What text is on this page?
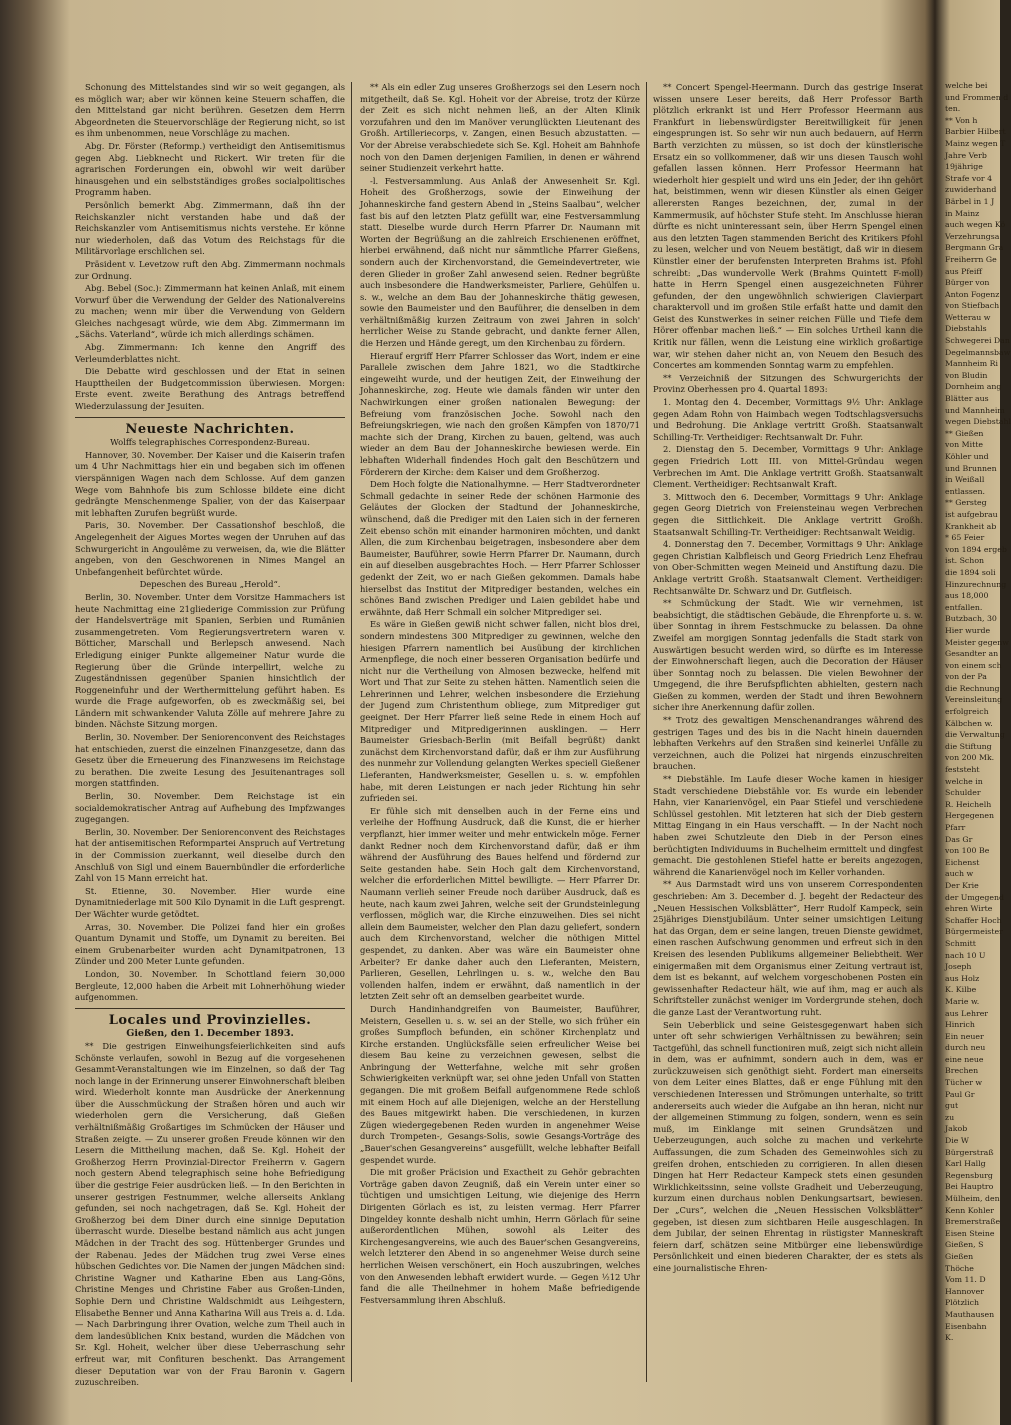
Schonung des Mittelstandes sind wir so weit gegangen, als es möglich war; aber wir können keine Steuern schaffen, die den Mittelstand gar nicht berühren. Gesetzen dem Herrn Abgeordneten die Steuervorschläge der Regierung nicht, so ist es ihm unbenommen, neue Vorschläge zu machen.

Abg. Dr. Förster (Reformp.) vertheidigt den Antisemitismus gegen Abg. Liebknecht und Rickert. Wir treten für die agrarischen Forderungen ein, obwohl wir weit darüber hinausgehen und ein selbstständiges großes socialpolitisches Programm haben.

Persönlich bemerkt Abg. Zimmermann, daß ihn der Reichskanzler nicht verstanden habe und daß der Reichskanzler vom Antisemitismus nichts verstehe. Er könne nur wiederholen, daß das Votum des Reichstags für die Militärvorlage erschlichen sei.

Präsident v. Levetzow ruft den Abg. Zimmermann nochmals zur Ordnung.

Abg. Bebel (Soc.): Zimmermann hat keinen Anlaß, mit einem Vorwurf über die Verwendung der Gelder des Nationalvereins zu machen; wenn mir über die Verwendung von Geldern Gleiches nachgesagt würde, wie dem Abg. Zimmermann im „Sächs. Vaterland“, würde ich mich allerdings schämen.

Abg. Zimmermann: Ich kenne den Angriff des Verleumderblattes nicht.

Die Debatte wird geschlossen und der Etat in seinen Haupttheilen der Budgetcommission überwiesen. Morgen: Erste event. zweite Berathung des Antrags betreffend Wiederzulassung der Jesuiten.

Neueste Nachrichten.

Wolffs telegraphisches Correspondenz-Bureau.

Hannover, 30. November. Der Kaiser und die Kaiserin trafen um 4 Uhr Nachmittags hier ein und begaben sich im offenen vierspännigen Wagen nach dem Schlosse. Auf dem ganzen Wege vom Bahnhofe bis zum Schlosse bildete eine dicht gedrängte Menschenmenge Spalier, von der das Kaiserpaar mit lebhaften Zurufen begrüßt wurde.

Paris, 30. November. Der Cassationshof beschloß, die Angelegenheit der Aigues Mortes wegen der Unruhen auf das Schwurgericht in Angoulême zu verweisen, da, wie die Blätter angeben, von den Geschworenen in Nimes Mangel an Unbefangenheit befürchtet würde.

Depeschen des Bureau „Herold“.

Berlin, 30. November. Unter dem Vorsitze Hammachers ist heute Nachmittag eine 21gliederige Commission zur Prüfung der Handelsverträge mit Spanien, Serbien und Rumänien zusammengetreten. Vom Regierungsvertretern waren v. Bötticher, Marschall und Berlepsch anwesend. Nach Erledigung einiger Punkte allgemeiner Natur wurde die Regierung über die Gründe interpellirt, welche zu Zugeständnissen gegenüber Spanien hinsichtlich der Roggeneinfuhr und der Werthermittelung geführt haben. Es wurde die Frage aufgeworfen, ob es zweckmäßig sei, bei Ländern mit schwankender Valuta Zölle auf mehrere Jahre zu binden. Nächste Sitzung morgen.

Berlin, 30. November. Der Seniorenconvent des Reichstages hat entschieden, zuerst die einzelnen Finanzgesetze, dann das Gesetz über die Erneuerung des Finanzwesens im Reichstage zu berathen. Die zweite Lesung des Jesuitenantrages soll morgen stattfinden.

Berlin, 30. November. Dem Reichstage ist ein socialdemokratischer Antrag auf Aufhebung des Impfzwanges zugegangen.

Berlin, 30. November. Der Seniorenconvent des Reichstages hat der antisemitischen Reformpartei Anspruch auf Vertretung in der Commission zuerkannt, weil dieselbe durch den Anschluß von Sigl und einem Bauernbündler die erforderliche Zahl von 15 Mann erreicht hat.

St. Etienne, 30. November. Hier wurde eine Dynamitniederlage mit 500 Kilo Dynamit in die Luft gesprengt. Der Wächter wurde getödtet.

Arras, 30. November. Die Polizei fand hier ein großes Quantum Dynamit und Stoffe, um Dynamit zu bereiten. Bei einem Grubenarbeiter wurden acht Dynamitpatronen, 13 Zünder und 200 Meter Lunte gefunden.

London, 30. November. In Schottland feiern 30,000 Bergleute, 12,000 haben die Arbeit mit Lohnerhöhung wieder aufgenommen.

Locales und Provinzielles.

Gießen, den 1. December 1893.

** Die gestrigen Einweihungsfeierlichkeiten sind aufs Schönste verlaufen, sowohl in Bezug auf die vorgesehenen Gesammt-Veranstaltungen wie im Einzelnen, so daß der Tag noch lange in der Erinnerung unserer Einwohnerschaft bleiben wird. Wiederholt konnte man Ausdrücke der Anerkennung über die Ausschmückung der Straßen hören und auch wir wiederholen gern die Versicherung, daß Gießen verhältnißmäßig Großartiges im Schmücken der Häuser und Straßen zeigte. — Zu unserer großen Freude können wir den Lesern die Mittheilung machen, daß Se. Kgl. Hoheit der Großherzog Herrn Provinzial-Director Freiherrn v. Gagern noch gestern Abend telegraphisch seine hohe Befriedigung über die gestrige Feier ausdrücken ließ. — In den Berichten in unserer gestrigen Festnummer, welche allerseits Anklang gefunden, sei noch nachgetragen, daß Se. Kgl. Hoheit der Großherzog bei dem Diner durch eine sinnige Deputation überrascht wurde. Dieselbe bestand nämlich aus acht jungen Mädchen in der Tracht des sog. Hüttenberger Grundes und der Rabenau. Jedes der Mädchen trug zwei Verse eines hübschen Gedichtes vor. Die Namen der jungen Mädchen sind: Christine Wagner und Katharine Eben aus Lang-Göns, Christine Menges und Christine Faber aus Großen-Linden, Sophie Dern und Christine Waldschmidt aus Leihgestern, Elisabethe Benner und Anna Katharina Will aus Treis a. d. Lda. — Nach Darbringung ihrer Ovation, welche zum Theil auch in dem landesüblichen Knix bestand, wurden die Mädchen von Sr. Kgl. Hoheit, welcher über diese Ueberraschung sehr erfreut war, mit Confituren beschenkt. Das Arrangement dieser Deputation war von der Frau Baronin v. Gagern zuzuschreiben.

** Als ein edler Zug unseres Großherzogs sei den Lesern noch mitgetheilt, daß Se. Kgl. Hoheit vor der Abreise, trotz der Kürze der Zeit es sich nicht nehmen ließ, an der Alten Klinik vorzufahren und den im Manöver verunglückten Lieutenant des Großh. Artilleriecorps, v. Zangen, einen Besuch abzustatten. — Vor der Abreise verabschiedete sich Se. Kgl. Hoheit am Bahnhofe noch von den Damen derjenigen Familien, in denen er während seiner Studienzeit verkehrt hatte.

-l. Festversammlung. Aus Anlaß der Anwesenheit Sr. Kgl. Hoheit des Großherzogs, sowie der Einweihung der Johanneskirche fand gestern Abend in „Steins Saalbau“, welcher fast bis auf den letzten Platz gefüllt war, eine Festversammlung statt. Dieselbe wurde durch Herrn Pfarrer Dr. Naumann mit Worten der Begrüßung an die zahlreich Erschienenen eröffnet, hierbei erwähnend, daß nicht nur sämmtliche Pfarrer Gießens, sondern auch der Kirchenvorstand, die Gemeindevertreter, wie deren Glieder in großer Zahl anwesend seien. Redner begrüßte auch insbesondere die Handwerksmeister, Parliere, Gehülfen u. s. w., welche an dem Bau der Johanneskirche thätig gewesen, sowie den Baumeister und den Bauführer, die denselben in dem verhältnißmäßig kurzen Zeitraum von zwei Jahren in solch' herrlicher Weise zu Stande gebracht, und dankte ferner Allen, die Herzen und Hände geregt, um den Kirchenbau zu fördern.

Hierauf ergriff Herr Pfarrer Schlosser das Wort, indem er eine Parallele zwischen dem Jahre 1821, wo die Stadtkirche eingeweiht wurde, und der heutigen Zeit, der Einweihung der Johanneskirche, zog. Heute wie damals fänden wir unter den Nachwirkungen einer großen nationalen Bewegung: der Befreiung vom französischen Joche. Sowohl nach den Befreiungskriegen, wie nach den großen Kämpfen von 1870/71 machte sich der Drang, Kirchen zu bauen, geltend, was auch wieder an dem Bau der Johanneskirche bewiesen werde. Ein lebhaften Widerhall findendes Hoch galt den Beschützern und Förderern der Kirche: dem Kaiser und dem Großherzog.

Dem Hoch folgte die Nationalhymne. — Herr Stadtverordneter Schmall gedachte in seiner Rede der schönen Harmonie des Geläutes der Glocken der Stadtund der Johanneskirche, wünschend, daß die Prediger mit den Laien sich in der ferneren Zeit ebenso schön mit einander harmoniren möchten, und dankt Allen, die zum Kirchenbau beigetragen, insbesondere aber dem Baumeister, Bauführer, sowie Herrn Pfarrer Dr. Naumann, durch ein auf dieselben ausgebrachtes Hoch. — Herr Pfarrer Schlosser gedenkt der Zeit, wo er nach Gießen gekommen. Damals habe hierselbst das Institut der Mitprediger bestanden, welches ein schönes Band zwischen Prediger und Laien gebildet habe und erwähnte, daß Herr Schmall ein solcher Mitprediger sei.

Es wäre in Gießen gewiß nicht schwer fallen, nicht blos drei, sondern mindestens 300 Mitprediger zu gewinnen, welche den hiesigen Pfarrern namentlich bei Ausübung der kirchlichen Armenpflege, die noch einer besseren Organisation bedürfe und nicht nur die Vertheilung von Almosen bezwecke, helfend mit Wort und That zur Seite zu stehen hätten. Namentlich seien die Lehrerinnen und Lehrer, welchen insbesondere die Erziehung der Jugend zum Christenthum obliege, zum Mitprediger gut geeignet. Der Herr Pfarrer ließ seine Rede in einem Hoch auf Mitprediger und Mitpredigerinnen ausklingen. — Herr Baumeister Griesbach-Berlin (mit Beifall begrüßt) dankt zunächst dem Kirchenvorstand dafür, daß er ihm zur Ausführung des nunmehr zur Vollendung gelangten Werkes speciell Gießener Lieferanten, Handwerksmeister, Gesellen u. s. w. empfohlen habe, mit deren Leistungen er nach jeder Richtung hin sehr zufrieden sei.

Er fühle sich mit denselben auch in der Ferne eins und verleihe der Hoffnung Ausdruck, daß die Kunst, die er hierher verpflanzt, hier immer weiter und mehr entwickeln möge. Ferner dankt Redner noch dem Kirchenvorstand dafür, daß er ihm während der Ausführung des Baues helfend und fördernd zur Seite gestanden habe. Sein Hoch galt dem Kirchenvorstand, welcher die erforderlichen Mittel bewilligte. — Herr Pfarrer Dr. Naumann verlieh seiner Freude noch darüber Ausdruck, daß es heute, nach kaum zwei Jahren, welche seit der Grundsteinlegung verflossen, möglich war, die Kirche einzuweihen. Dies sei nicht allein dem Baumeister, welcher den Plan dazu geliefert, sondern auch dem Kirchenvorstand, welcher die nöthigen Mittel gespendet, zu danken. Aber was wäre ein Baumeister ohne Arbeiter? Er danke daher auch den Lieferanten, Meistern, Parlieren, Gesellen, Lehrlingen u. s. w., welche den Bau vollenden halfen, indem er erwähnt, daß namentlich in der letzten Zeit sehr oft an demselben gearbeitet wurde.

Durch Handinhandgreifen von Baumeister, Bauführer, Meistern, Gesellen u. s. w. sei an der Stelle, wo sich früher ein großes Sumpfloch befunden, ein schöner Kirchenplatz und Kirche erstanden. Unglücksfälle seien erfreulicher Weise bei diesem Bau keine zu verzeichnen gewesen, selbst die Anbringung der Wetterfahne, welche mit sehr großen Schwierigkeiten verknüpft war, sei ohne jeden Unfall von Statten gegangen. Die mit großem Beifall aufgenommene Rede schloß mit einem Hoch auf alle Diejenigen, welche an der Herstellung des Baues mitgewirkt haben. Die verschiedenen, in kurzen Zügen wiedergegebenen Reden wurden in angenehmer Weise durch Trompeten-, Gesangs-Solis, sowie Gesangs-Vorträge des „Bauer'schen Gesangvereins“ ausgefüllt, welche lebhafter Beifall gespendet wurde.

Die mit großer Präcision und Exactheit zu Gehör gebrachten Vorträge gaben davon Zeugniß, daß ein Verein unter einer so tüchtigen und umsichtigen Leitung, wie diejenige des Herrn Dirigenten Görlach es ist, zu leisten vermag. Herr Pfarrer Dingeldey konnte deshalb nicht umhin, Herrn Görlach für seine außerordentlichen Mühen, sowohl als Leiter des Kirchengesangvereins, wie auch des Bauer'schen Gesangvereins, welch letzterer den Abend in so angenehmer Weise durch seine herrlichen Weisen verschönert, ein Hoch auszubringen, welches von den Anwesenden lebhaft erwidert wurde. — Gegen ½12 Uhr fand die alle Theilnehmer in hohem Maße befriedigende Festversammlung ihren Abschluß.

** Concert Spengel-Heermann. Durch das gestrige Inserat wissen unsere Leser bereits, daß Herr Professor Barth plötzlich erkrankt ist und Herr Professor Heermann aus Frankfurt in liebenswürdigster Bereitwilligkeit für jenen eingesprungen ist. So sehr wir nun auch bedauern, auf Herrn Barth verzichten zu müssen, so ist doch der künstlerische Ersatz ein so vollkommener, daß wir uns diesen Tausch wohl gefallen lassen können. Herr Professor Heermann hat wiederholt hier gespielt und wird uns ein Jeder, der ihn gehört hat, beistimmen, wenn wir diesen Künstler als einen Geiger allerersten Ranges bezeichnen, der, zumal in der Kammermusik, auf höchster Stufe steht. Im Anschlusse hieran dürfte es nicht uninteressant sein, über Herrn Spengel einen aus den letzten Tagen stammenden Bericht des Kritikers Pfohl zu lesen, welcher und von Neuem bestätigt, daß wir in diesem Künstler einer der berufensten Interpreten Brahms ist. Pfohl schreibt: „Das wundervolle Werk (Brahms Quintett F-moll) hatte in Herrn Spengel einen ausgezeichneten Führer gefunden, der den ungewöhnlich schwierigen Clavierpart charaktervoll und im großen Stile erfaßt hatte und damit den Geist des Kunstwerkes in seiner reichen Fülle und Tiefe dem Hörer offenbar machen ließ.“ — Ein solches Urtheil kann die Kritik nur fällen, wenn die Leistung eine wirklich großartige war, wir stehen daher nicht an, von Neuem den Besuch des Concertes am kommenden Sonntag warm zu empfehlen.

** Verzeichniß der Sitzungen des Schwurgerichts der Provinz Oberhessen pro 4. Quartal 1893:

1. Montag den 4. December, Vormittags 9½ Uhr: Anklage gegen Adam Rohn von Haimbach wegen Todtschlagsversuchs und Bedrohung. Die Anklage vertritt Großh. Staatsanwalt Schilling-Tr. Vertheidiger: Rechtsanwalt Dr. Fuhr.

2. Dienstag den 5. December, Vormittags 9 Uhr: Anklage gegen Friedrich Lott III. von Mittel-Gründau wegen Verbrechen im Amt. Die Anklage vertritt Großh. Staatsanwalt Clement. Vertheidiger: Rechtsanwalt Kraft.

3. Mittwoch den 6. December, Vormittags 9 Uhr: Anklage gegen Georg Dietrich von Freiensteinau wegen Verbrechen gegen die Sittlichkeit. Die Anklage vertritt Großh. Staatsanwalt Schilling-Tr. Vertheidiger: Rechtsanwalt Weidig.

4. Donnerstag den 7. December, Vormittags 9 Uhr: Anklage gegen Christian Kalbfleisch und Georg Friedrich Lenz Ehefrau von Ober-Schmitten wegen Meineid und Anstiftung dazu. Die Anklage vertritt Großh. Staatsanwalt Clement. Vertheidiger: Rechtsanwälte Dr. Schwarz und Dr. Gutfleisch.

** Schmückung der Stadt. Wie wir vernehmen, ist beabsichtigt, die städtischen Gebäude, die Ehrenpforte u. s. w. über Sonntag in ihrem Festschmucke zu belassen. Da ohne Zweifel am morgigen Sonntag jedenfalls die Stadt stark von Auswärtigen besucht werden wird, so dürfte es im Interesse der Einwohnerschaft liegen, auch die Decoration der Häuser über Sonntag noch zu belassen. Die vielen Bewohner der Umgegend, die ihre Berufspflichten abhielten, gestern nach Gießen zu kommen, werden der Stadt und ihren Bewohnern sicher ihre Anerkennung dafür zollen.

** Trotz des gewaltigen Menschenandranges während des gestrigen Tages und des bis in die Nacht hinein dauernden lebhaften Verkehrs auf den Straßen sind keinerlei Unfälle zu verzeichnen, auch die Polizei hat nirgends einzuschreiten brauchen.

** Diebstähle. Im Laufe dieser Woche kamen in hiesiger Stadt verschiedene Diebstähle vor. Es wurde ein lebender Hahn, vier Kanarienvögel, ein Paar Stiefel und verschiedene Schlüssel gestohlen. Mit letzteren hat sich der Dieb gestern Mittag Eingang in ein Haus verschafft. — In der Nacht noch haben zwei Schutzleute den Dieb in der Person eines berüchtigten Individuums in Buchelheim ermittelt und dingfest gemacht. Die gestohlenen Stiefel hatte er bereits angezogen, während die Kanarienvögel noch im Keller vorhanden.

** Aus Darmstadt wird uns von unserem Correspondenten geschrieben: Am 3. December d. J. begeht der Redacteur des „Neuen Hessischen Volksblätter“, Herr Rudolf Kampeck, sein 25jähriges Dienstjubiläum. Unter seiner umsichtigen Leitung hat das Organ, dem er seine langen, treuen Dienste gewidmet, einen raschen Aufschwung genommen und erfreut sich in den Kreisen des lesenden Publikums allgemeiner Beliebtheit. Wer einigermaßen mit dem Organismus einer Zeitung vertraut ist, dem ist es bekannt, auf welchem vorgeschobenen Posten ein gewissenhafter Redacteur hält, wie auf ihm, mag er auch als Schriftsteller zunächst weniger im Vordergrunde stehen, doch die ganze Last der Verantwortung ruht.

Sein Ueberblick und seine Geistesgegenwart haben sich unter oft sehr schwierigen Verhältnissen zu bewähren; sein Tactgefühl, das schnell functioniren muß, zeigt sich nicht allein in dem, was er aufnimmt, sondern auch in dem, was er zurückzuweisen sich genöthigt sieht. Fordert man einerseits von dem Leiter eines Blattes, daß er enge Fühlung mit den verschiedenen Interessen und Strömungen unterhalte, so tritt andererseits auch wieder die Aufgabe an ihn heran, nicht nur der allgemeinen Stimmung zu folgen, sondern, wenn es sein muß, im Einklange mit seinen Grundsätzen und Ueberzeugungen, auch solche zu machen und verkehrte Auffassungen, die zum Schaden des Gemeinwohles sich zu greifen drohen, entschieden zu corrigieren. In allen diesen Dingen hat Herr Redacteur Kampeck stets einen gesunden Wirklichkeitssinn, seine vollste Gradheit und Ueberzeugung, kurzum einen durchaus noblen Denkungsartsart, bewiesen. Der „Curs“, welchen die „Neuen Hessischen Volksblätter“ gegeben, ist diesen zum sichtbaren Heile ausgeschlagen. In dem Jubilar, der seinen Ehrentag in rüstigster Manneskraft feiern darf, schätzen seine Mitbürger eine liebenswürdige Persönlichkeit und einen biederen Charakter, der es stets als eine journalistische Ehren-

welche bei
und Frommen d
ten.
** Von h
Barbier Hilbert
Mainz wegen T
Jahre Verb
19jährige
Strafe vor 4
zuwiderhand
Bärbel in 1 J
in Mainz
auch wegen Kö
Verzehrungsa
Bergmann Gra
Freiherrn Ge
aus Pfeiff
Bürger von
Anton Fogenz
von Stiefbach
Wetterau w
Diebstahls
Schwegerei Dan
Degelmannsbaw
Mannheim Ri
von Bludin
Dornheim ang
Blätter aus
und Mannheim
wegen Diebstahl
** Gießen
von Mitte
Köhler und
und Brunnen
in Weißall
entlassen.
** Gersteg
ist aufgebrau
Krankheit ab
* 65 Feier
von 1894 ergeb
ist. Schon
die 1894 soli
Hinzurechnung
aus 18,000
entfallen.
Butzbach, 30
Hier wurde
Meister gegenw
Gesandter an
von einem sch
von der Pa
die Rechnung
Vereinsleitung
erfolgreich
Kälbchen w.
die Verwaltung
die Stiftung
von 200 Mk.
feststeht
welche in
Schulder
R. Heichelh
Hergegenen
Pfarr
Das Gr
von 100 Be
Eichenst
auch w
Der Krie
der Umgegend
ehren Wirte
Schaffer Hoch
Bürgermeister
Schmitt
nach 10 U
Joseph
aus Holz
K. Kilbe
Marie w.
aus Lehrer
Hinrich
Ein neuer
durch neu
eine neue
Brechen
Tücher w
Paul Gr
gut
zu
Jakob
Die W
Bürgerstraß
Karl Hallg
Regensburg
Bei Hauptro
Mülheim, den
Kenn Kohler
Bremerstraße
Eisen Steine
Gießen, S
Gießen
Thöche
Vom 11. D
Hannover
Plötzlich
Mauthausen
Eisenbahn
K.
